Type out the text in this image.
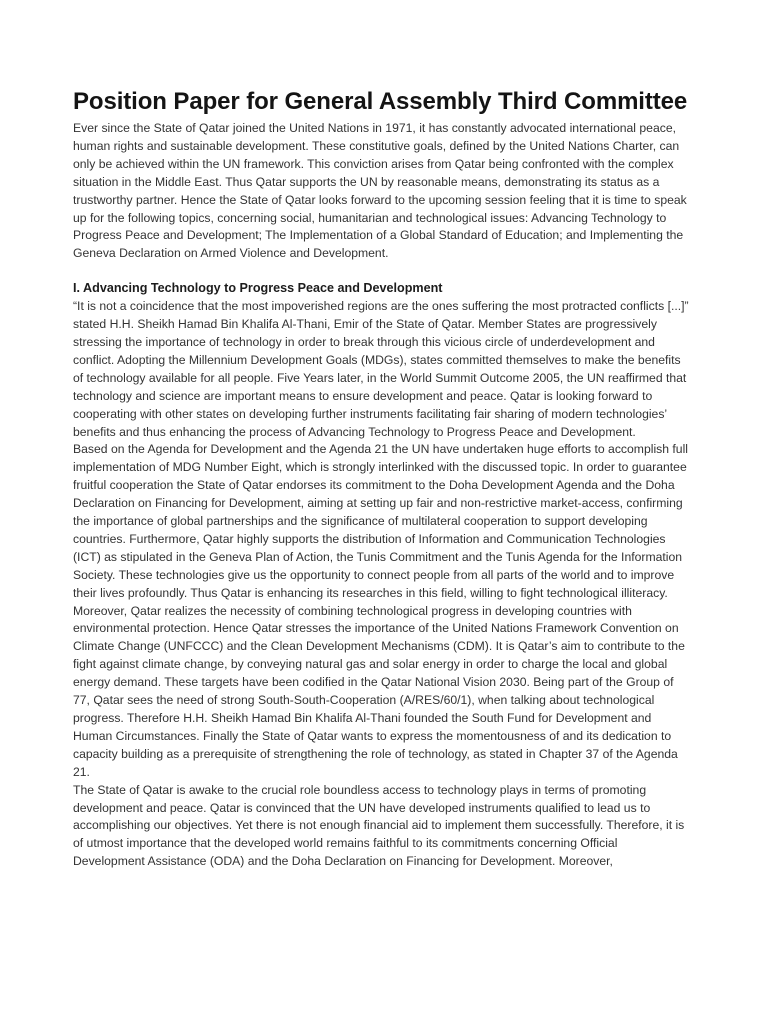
Position Paper for General Assembly Third Committee

Ever since the State of Qatar joined the United Nations in 1971, it has constantly advocated international peace, human rights and sustainable development. These constitutive goals, defined by the United Nations Charter, can only be achieved within the UN framework. This conviction arises from Qatar being confronted with the complex situation in the Middle East. Thus Qatar supports the UN by reasonable means, demonstrating its status as a trustworthy partner. Hence the State of Qatar looks forward to the upcoming session feeling that it is time to speak up for the following topics, concerning social, humanitarian and technological issues: Advancing Technology to Progress Peace and Development; The Implementation of a Global Standard of Education; and Implementing the Geneva Declaration on Armed Violence and Development.

I. Advancing Technology to Progress Peace and Development

“It is not a coincidence that the most impoverished regions are the ones suffering the most protracted conflicts [...]” stated H.H. Sheikh Hamad Bin Khalifa Al-Thani, Emir of the State of Qatar. Member States are progressively stressing the importance of technology in order to break through this vicious circle of underdevelopment and conflict. Adopting the Millennium Development Goals (MDGs), states committed themselves to make the benefits of technology available for all people. Five Years later, in the World Summit Outcome 2005, the UN reaffirmed that technology and science are important means to ensure development and peace. Qatar is looking forward to cooperating with other states on developing further instruments facilitating fair sharing of modern technologies’ benefits and thus enhancing the process of Advancing Technology to Progress Peace and Development.

Based on the Agenda for Development and the Agenda 21 the UN have undertaken huge efforts to accomplish full implementation of MDG Number Eight, which is strongly interlinked with the discussed topic. In order to guarantee fruitful cooperation the State of Qatar endorses its commitment to the Doha Development Agenda and the Doha Declaration on Financing for Development, aiming at setting up fair and non-restrictive market-access, confirming the importance of global partnerships and the significance of multilateral cooperation to support developing countries. Furthermore, Qatar highly supports the distribution of Information and Communication Technologies (ICT) as stipulated in the Geneva Plan of Action, the Tunis Commitment and the Tunis Agenda for the Information Society. These technologies give us the opportunity to connect people from all parts of the world and to improve their lives profoundly. Thus Qatar is enhancing its researches in this field, willing to fight technological illiteracy. Moreover, Qatar realizes the necessity of combining technological progress in developing countries with environmental protection. Hence Qatar stresses the importance of the United Nations Framework Convention on Climate Change (UNFCCC) and the Clean Development Mechanisms (CDM). It is Qatar’s aim to contribute to the fight against climate change, by conveying natural gas and solar energy in order to charge the local and global energy demand. These targets have been codified in the Qatar National Vision 2030. Being part of the Group of 77, Qatar sees the need of strong South-South-Cooperation (A/RES/60/1), when talking about technological progress. Therefore H.H. Sheikh Hamad Bin Khalifa Al-Thani founded the South Fund for Development and Human Circumstances. Finally the State of Qatar wants to express the momentousness of and its dedication to capacity building as a prerequisite of strengthening the role of technology, as stated in Chapter 37 of the Agenda 21.

The State of Qatar is awake to the crucial role boundless access to technology plays in terms of promoting development and peace. Qatar is convinced that the UN have developed instruments qualified to lead us to accomplishing our objectives. Yet there is not enough financial aid to implement them successfully. Therefore, it is of utmost importance that the developed world remains faithful to its commitments concerning Official Development Assistance (ODA) and the Doha Declaration on Financing for Development. Moreover,
